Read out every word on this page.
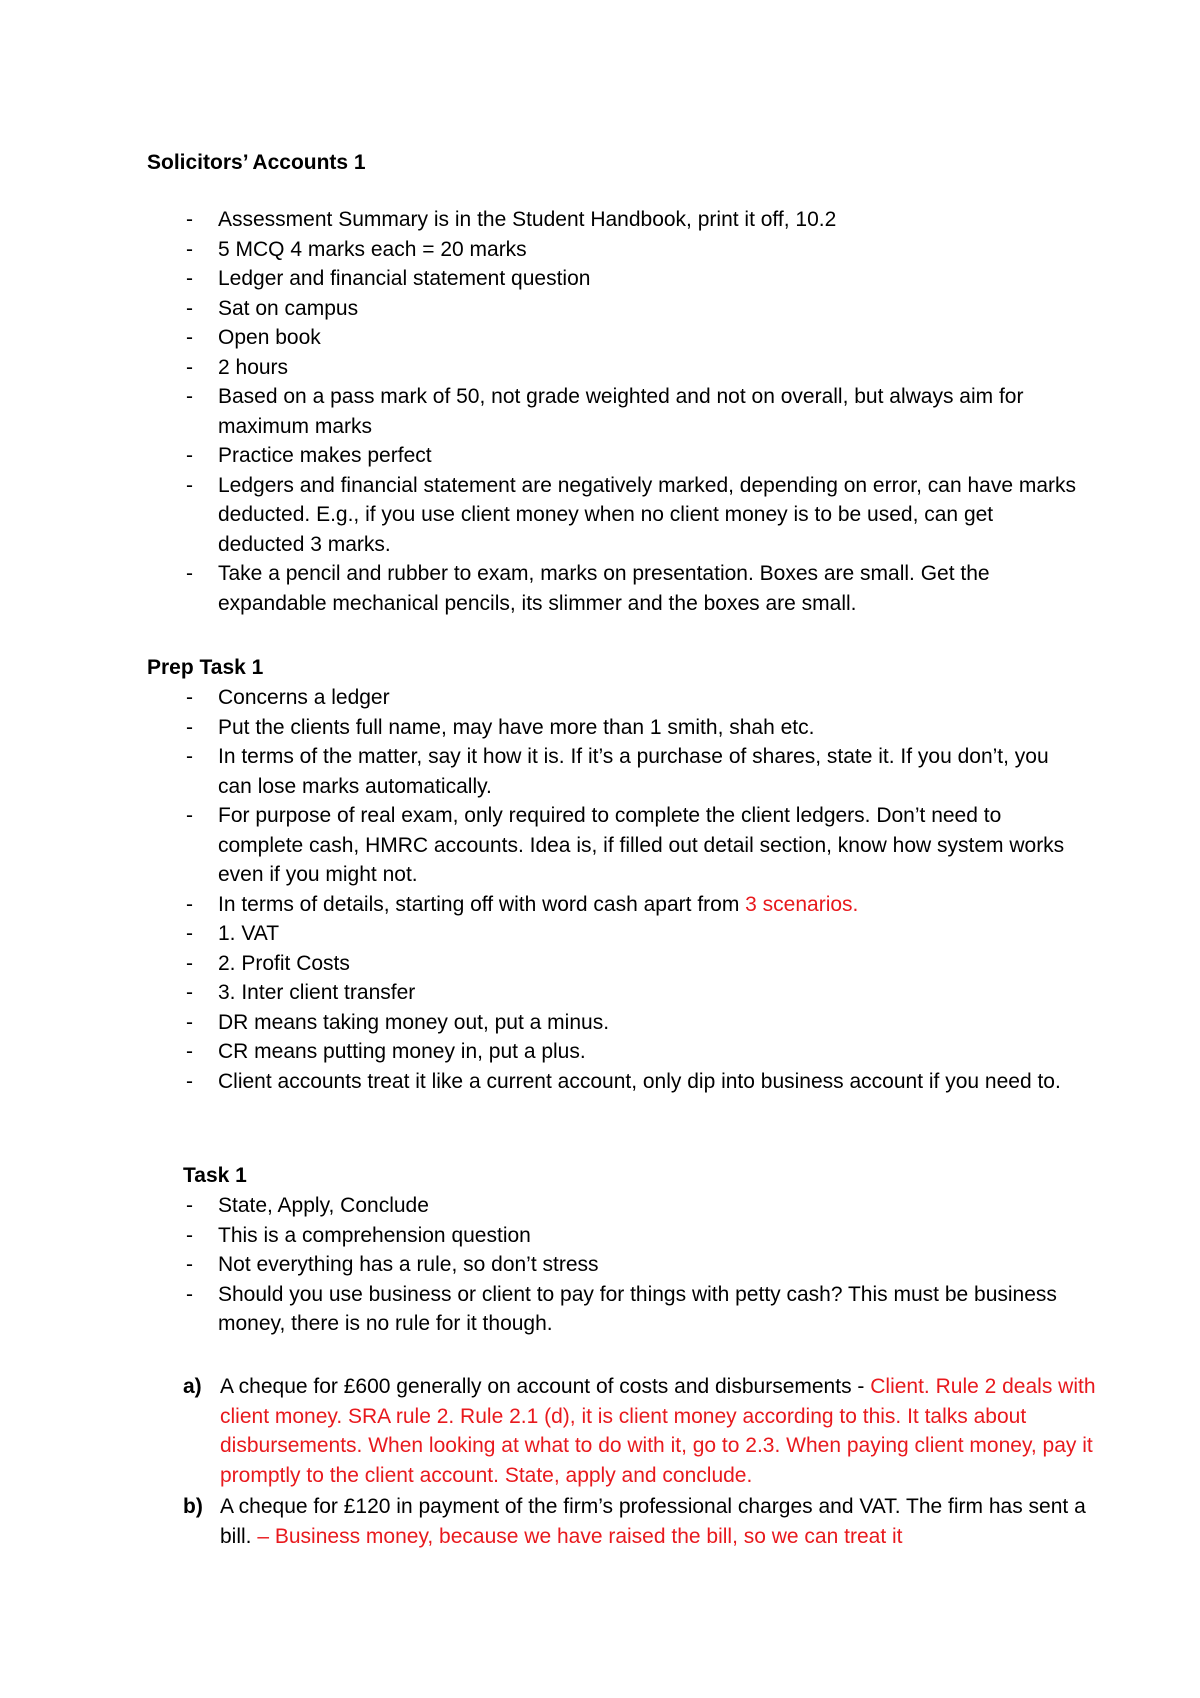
Solicitors’ Accounts 1
- Assessment Summary is in the Student Handbook, print it off, 10.2
- 5 MCQ 4 marks each = 20 marks
- Ledger and financial statement question
- Sat on campus
- Open book
- 2 hours
- Based on a pass mark of 50, not grade weighted and not on overall, but always aim for maximum marks
- Practice makes perfect
- Ledgers and financial statement are negatively marked, depending on error, can have marks deducted. E.g., if you use client money when no client money is to be used, can get deducted 3 marks.
- Take a pencil and rubber to exam, marks on presentation. Boxes are small. Get the expandable mechanical pencils, its slimmer and the boxes are small.
Prep Task 1
- Concerns a ledger
- Put the clients full name, may have more than 1 smith, shah etc.
- In terms of the matter, say it how it is. If it’s a purchase of shares, state it. If you don’t, you can lose marks automatically.
- For purpose of real exam, only required to complete the client ledgers. Don’t need to complete cash, HMRC accounts. Idea is, if filled out detail section, know how system works even if you might not.
- In terms of details, starting off with word cash apart from 3 scenarios.
- 1. VAT
- 2. Profit Costs
- 3. Inter client transfer
- DR means taking money out, put a minus.
- CR means putting money in, put a plus.
- Client accounts treat it like a current account, only dip into business account if you need to.
Task 1
- State, Apply, Conclude
- This is a comprehension question
- Not everything has a rule, so don’t stress
- Should you use business or client to pay for things with petty cash? This must be business money, there is no rule for it though.
a) A cheque for £600 generally on account of costs and disbursements - Client. Rule 2 deals with client money. SRA rule 2. Rule 2.1 (d), it is client money according to this. It talks about disbursements. When looking at what to do with it, go to 2.3. When paying client money, pay it promptly to the client account. State, apply and conclude.
b) A cheque for £120 in payment of the firm’s professional charges and VAT. The firm has sent a bill. – Business money, because we have raised the bill, so we can treat it
